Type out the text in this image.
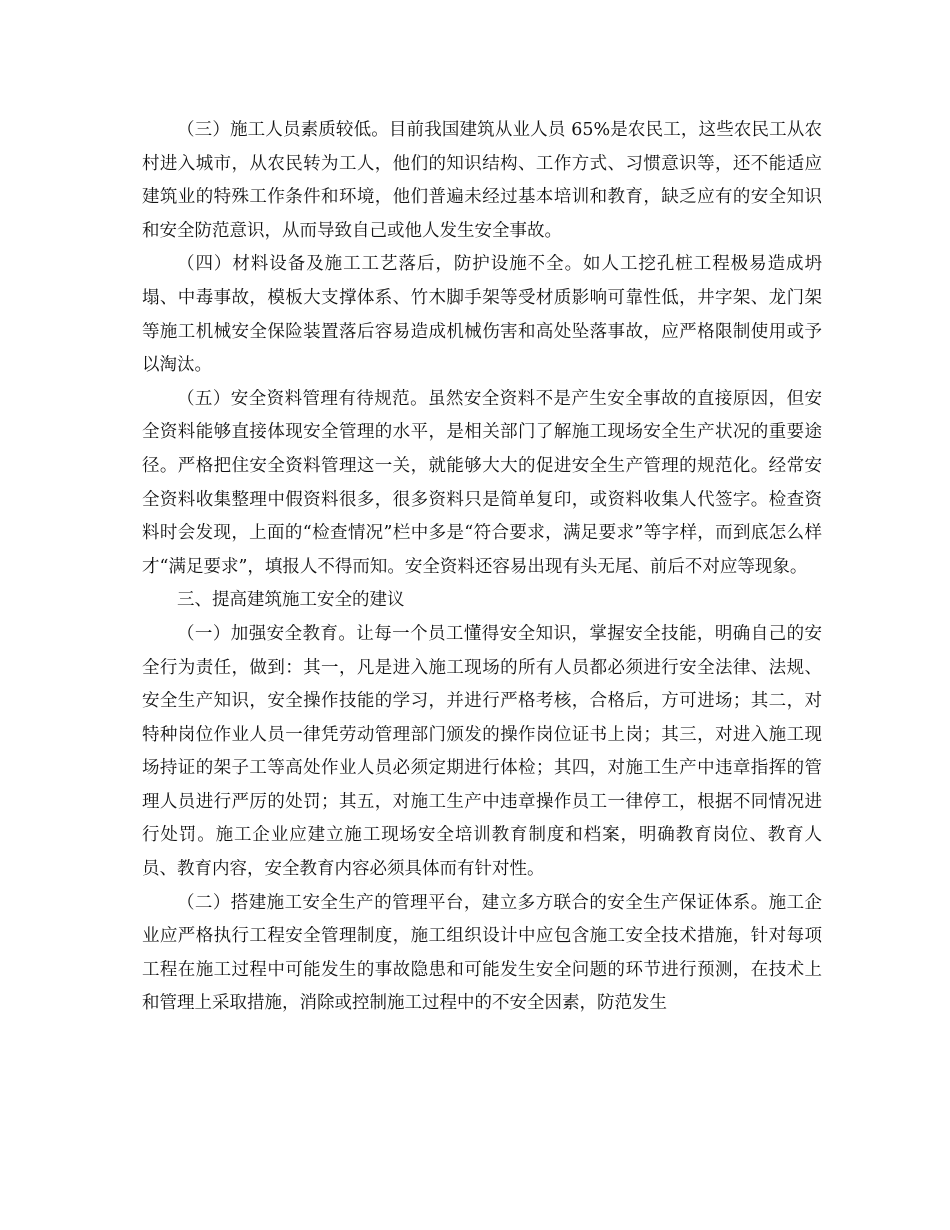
（三）施工人员素质较低。目前我国建筑从业人员 65%是农民工，这些农民工从农村进入城市，从农民转为工人，他们的知识结构、工作方式、习惯意识等，还不能适应建筑业的特殊工作条件和环境，他们普遍未经过基本培训和教育，缺乏应有的安全知识和安全防范意识，从而导致自己或他人发生安全事故。

（四）材料设备及施工工艺落后，防护设施不全。如人工挖孔桩工程极易造成坍塌、中毒事故，模板大支撑体系、竹木脚手架等受材质影响可靠性低，井字架、龙门架等施工机械安全保险装置落后容易造成机械伤害和高处坠落事故，应严格限制使用或予以淘汰。

（五）安全资料管理有待规范。虽然安全资料不是产生安全事故的直接原因，但安全资料能够直接体现安全管理的水平，是相关部门了解施工现场安全生产状况的重要途径。严格把住安全资料管理这一关，就能够大大的促进安全生产管理的规范化。经常安全资料收集整理中假资料很多，很多资料只是简单复印，或资料收集人代签字。检查资料时会发现，上面的“检查情况”栏中多是“符合要求，满足要求”等字样，而到底怎么样才“满足要求”，填报人不得而知。安全资料还容易出现有头无尾、前后不对应等现象。

三、提高建筑施工安全的建议

（一）加强安全教育。让每一个员工懂得安全知识，掌握安全技能，明确自己的安全行为责任，做到：其一，凡是进入施工现场的所有人员都必须进行安全法律、法规、安全生产知识，安全操作技能的学习，并进行严格考核，合格后，方可进场；其二，对特种岗位作业人员一律凭劳动管理部门颁发的操作岗位证书上岗；其三，对进入施工现场持证的架子工等高处作业人员必须定期进行体检；其四，对施工生产中违章指挥的管理人员进行严厉的处罚；其五，对施工生产中违章操作员工一律停工，根据不同情况进行处罚。施工企业应建立施工现场安全培训教育制度和档案，明确教育岗位、教育人员、教育内容，安全教育内容必须具体而有针对性。

（二）搭建施工安全生产的管理平台，建立多方联合的安全生产保证体系。施工企业应严格执行工程安全管理制度，施工组织设计中应包含施工安全技术措施，针对每项工程在施工过程中可能发生的事故隐患和可能发生安全问题的环节进行预测，在技术上和管理上采取措施，消除或控制施工过程中的不安全因素，防范发生
